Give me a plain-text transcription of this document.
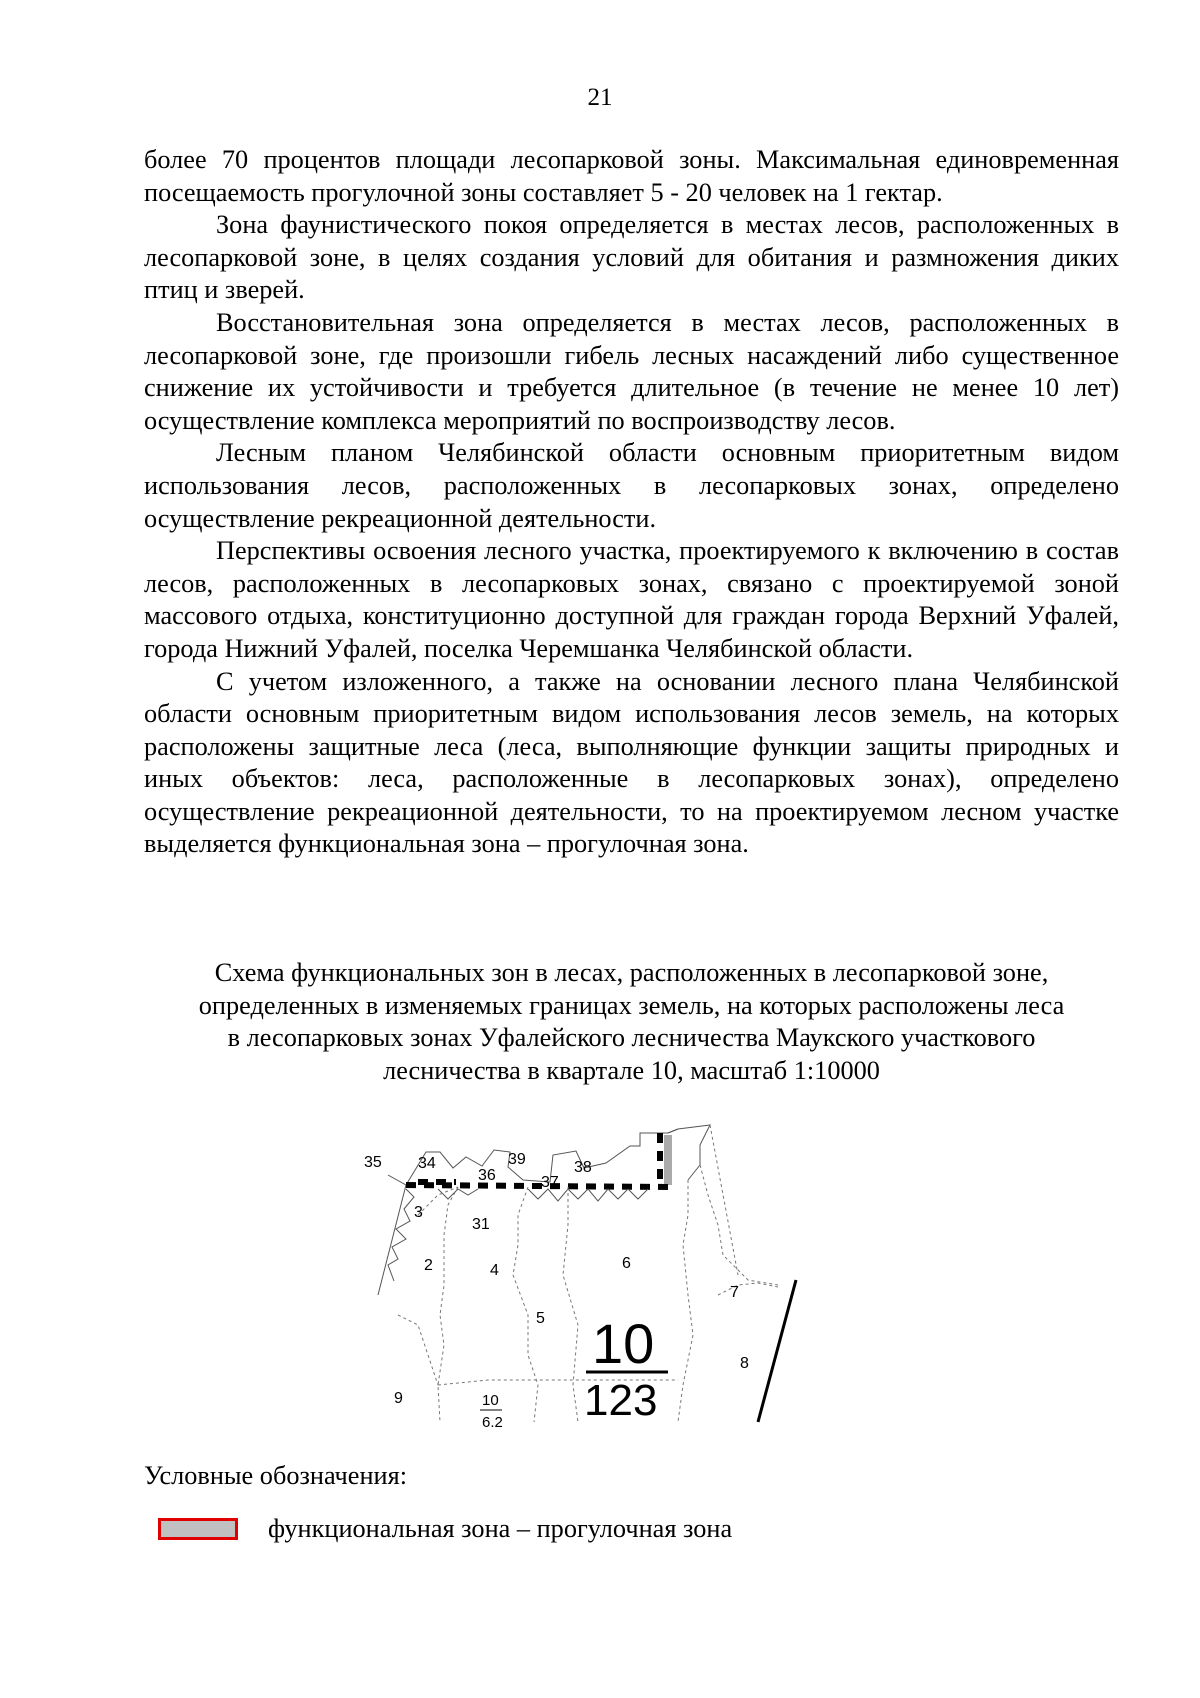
21

более 70 процентов площади лесопарковой зоны. Максимальная единовременная посещаемость прогулочной зоны составляет 5 - 20 человек на 1 гектар.

Зона фаунистического покоя определяется в местах лесов, расположенных в лесопарковой зоне, в целях создания условий для обитания и размножения диких птиц и зверей.

Восстановительная зона определяется в местах лесов, расположенных в лесопарковой зоне, где произошли гибель лесных насаждений либо существенное снижение их устойчивости и требуется длительное (в течение не менее 10 лет) осуществление комплекса мероприятий по воспроизводству лесов.

Лесным планом Челябинской области основным приоритетным видом использования лесов, расположенных в лесопарковых зонах, определено осуществление рекреационной деятельности.

Перспективы освоения лесного участка, проектируемого к включению в состав лесов, расположенных в лесопарковых зонах, связано с проектируемой зоной массового отдыха, конституционно доступной для граждан города Верхний Уфалей, города Нижний Уфалей, поселка Черемшанка Челябинской области.

С учетом изложенного, а также на основании лесного плана Челябинской области основным приоритетным видом использования лесов земель, на которых расположены защитные леса (леса, выполняющие функции защиты природных и иных объектов: леса, расположенные в лесопарковых зонах), определено осуществление рекреационной деятельности, то на проектируемом лесном участке выделяется функциональная зона – прогулочная зона.

Схема функциональных зон в лесах, расположенных в лесопарковой зоне,
определенных в изменяемых границах земель, на которых расположены леса
в лесопарковых зонах Уфалейского лесничества Маукского участкового
лесничества в квартале 10, масштаб 1:10000
35 34
36
39	38
37
3
31
2	4	6
7
5
8
9	10
6.2
10
123
Условные обозначения:
функциональная зона – прогулочная зона
